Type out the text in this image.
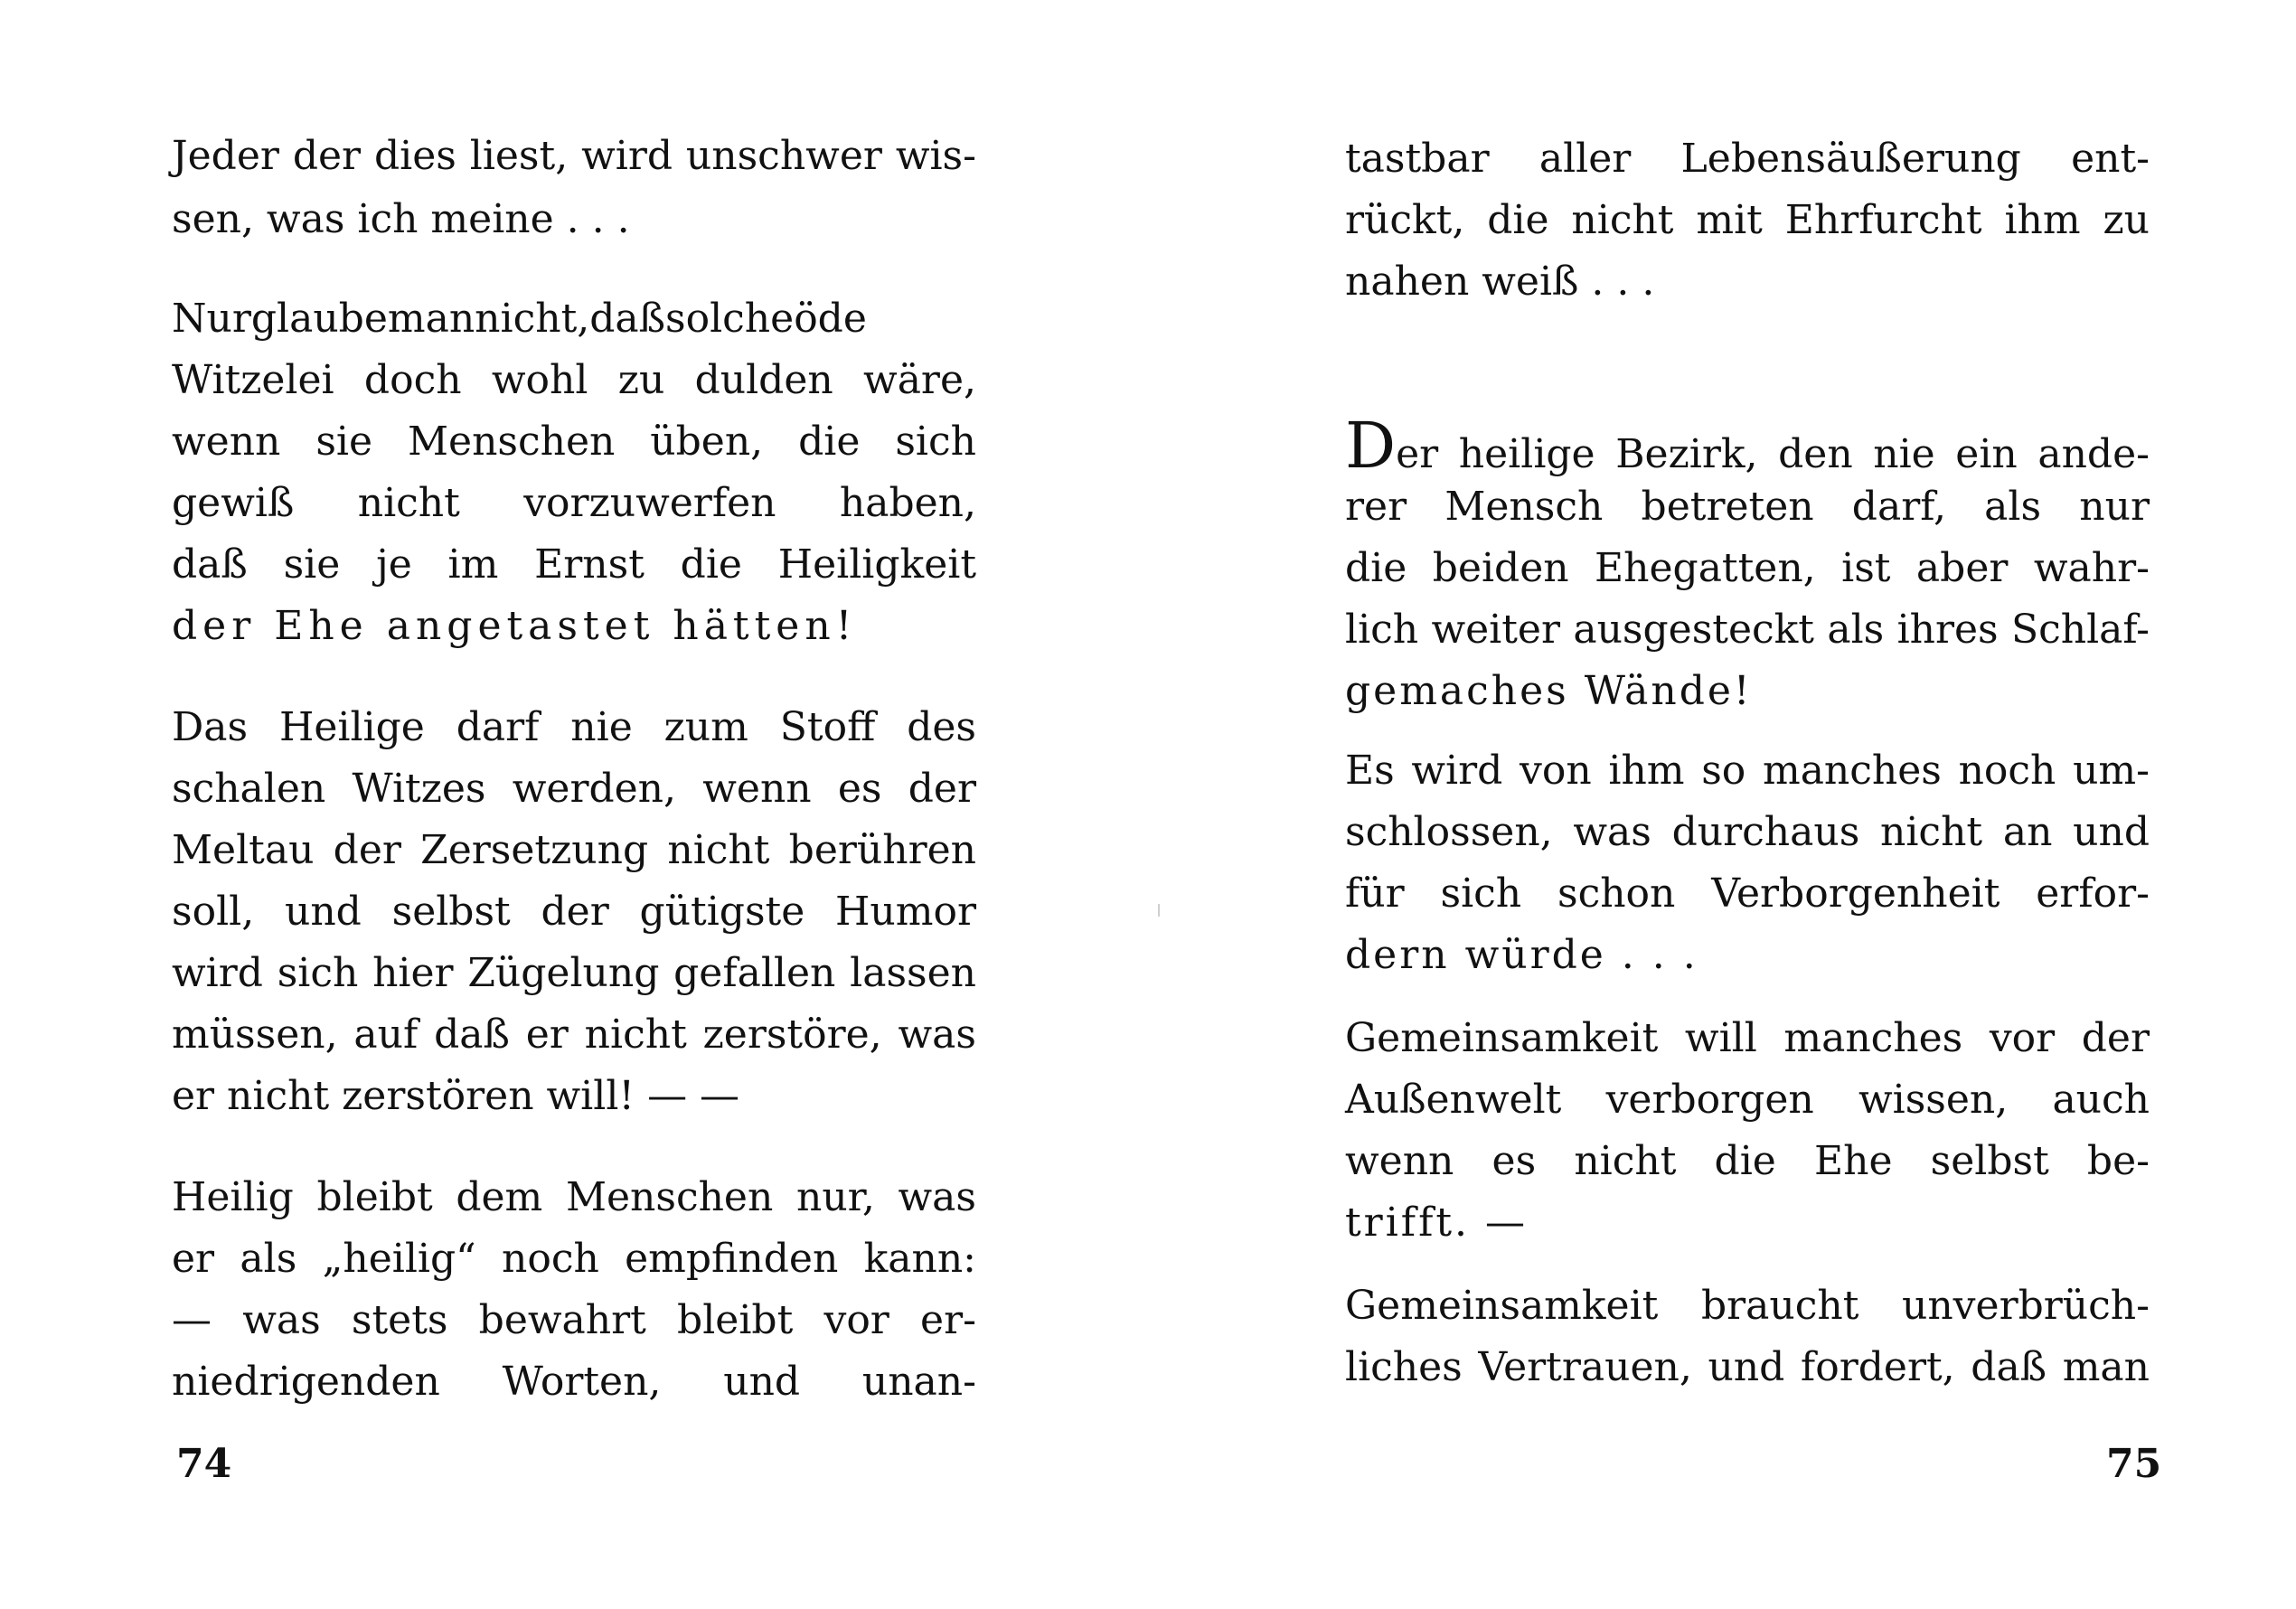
Jeder der dies liest, wird unschwer wis-
sen, was ich meine . . .
Nurglaubemannicht,daßsolcheöde
Witzelei doch wohl zu dulden wäre,
wenn sie Menschen üben, die sich
gewiß nicht vorzuwerfen haben,
daß sie je im Ernst die Heiligkeit
der Ehe angetastet hätten!
Das Heilige darf nie zum Stoff des
schalen Witzes werden, wenn es der
Meltau der Zersetzung nicht berühren
soll, und selbst der gütigste Humor
wird sich hier Zügelung gefallen lassen
müssen, auf daß er nicht zerstöre, was
er nicht zerstören will! — —
Heilig bleibt dem Menschen nur, was
er als „heilig“ noch empfinden kann:
— was stets bewahrt bleibt vor er-
niedrigenden Worten, und unan-
74
tastbar aller Lebensäußerung ent-
rückt, die nicht mit Ehrfurcht ihm zu
nahen weiß . . .
Der heilige Bezirk, den nie ein ande-
rer Mensch betreten darf, als nur
die beiden Ehegatten, ist aber wahr-
lich weiter ausgesteckt als ihres Schlaf-
gemaches Wände!
Es wird von ihm so manches noch um-
schlossen, was durchaus nicht an und
für sich schon Verborgenheit erfor-
dern würde . . .
Gemeinsamkeit will manches vor der
Außenwelt verborgen wissen, auch
wenn es nicht die Ehe selbst be-
trifft. —
Gemeinsamkeit braucht unverbrüch-
liches Vertrauen, und fordert, daß man
75
